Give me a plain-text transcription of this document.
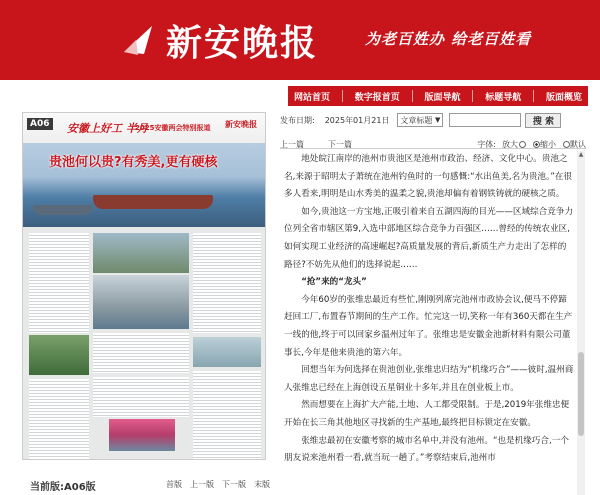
新安晚报	为老百姓办 给老百姓看
网站首页	数字报首页	版面导航	标题导航	版面概览
A06 安徽上好工 半月
2025安徽两会特别报道 新安晚报
贵池何以贵?有秀美,更有硬核
当前版:A06版	首版 上一版 下一版 末版
发布日期: 2025年01月21日 文章标题 ▼	搜 索
上一篇	下一篇	字体: 放大	缩小	默认

地处皖江南岸的池州市贵池区是池州市政治、经济、文化中心。贵池之名,来源于昭明太子萧统在池州钓鱼时的一句感慨:“水出鱼美,名为贵池。”在很多人看来,明明是山水秀美的温柔之貌,贵池却偏有着钢铁铸就的硬核之质。

如今,贵池这一方宝地,正吸引着来自五湖四海的目光——区域综合竞争力位列全省市辖区第9,入选中部地区综合竞争力百强区……曾经的传统农业区,如何实现工业经济的高速崛起?高质量发展的背后,新质生产力走出了怎样的路径?不妨先从他们的选择说起……

“抢”来的“龙头”

今年60岁的张维忠最近有些忙,刚刚列席完池州市政协会议,便马不停蹄赶回工厂,布置春节期间的生产工作。忙完这一切,笑称一年有360天都在生产一线的他,终于可以回家乡温州过年了。张维忠是安徽金池新材料有限公司董事长,今年是他来贵池的第六年。

回想当年为何选择在贵池创业,张维忠归结为“机缘巧合”——彼时,温州商人张维忠已经在上海创设五星铜业十多年,并且在创业板上市。

然而想要在上海扩大产能,土地、人工都受限制。于是,2019年张维忠便开始在长三角其他地区寻找新的生产基地,最终把目标锁定在安徽。

张维忠最初在安徽考察的城市名单中,并没有池州。“也是机缘巧合,一个朋友说来池州看一看,就当玩一趟了。”考察结束后,池州市

▲
